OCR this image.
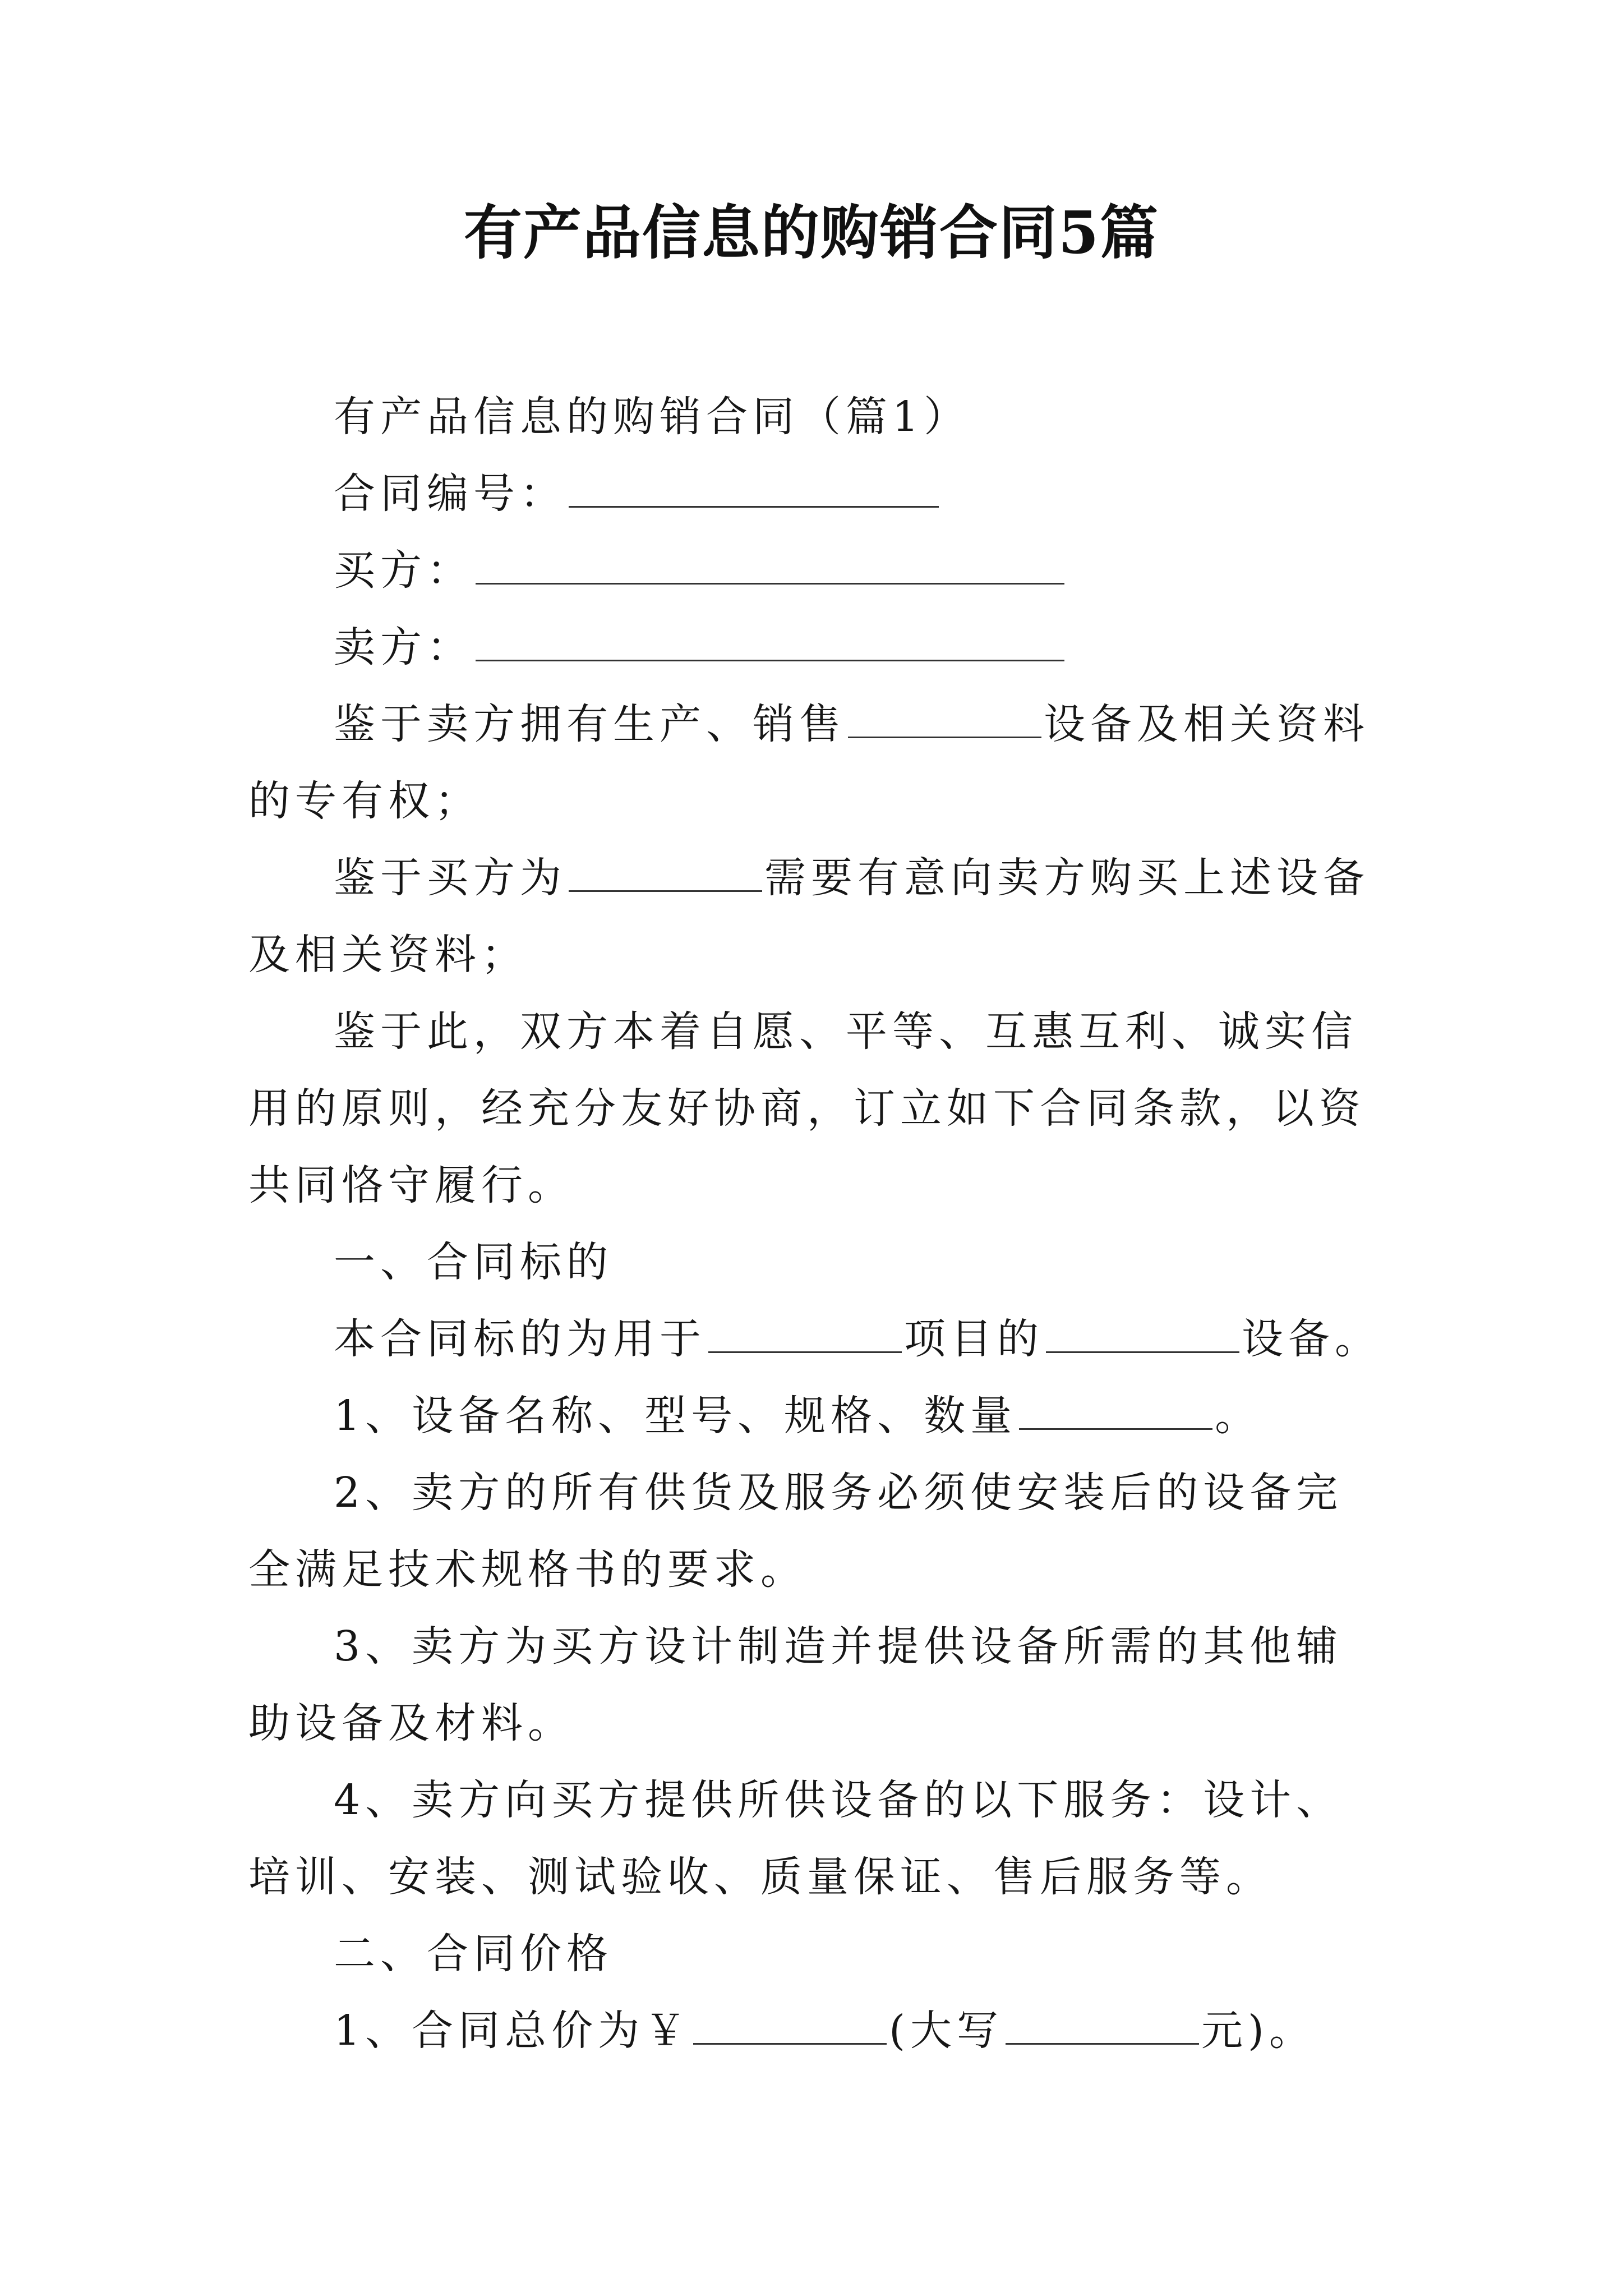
有产品信息的购销合同5篇

有产品信息的购销合同（篇1）

合同编号：

买方：

卖方：

鉴于卖方拥有生产、销售	设备及相关资料的专有权；

鉴于买方为	需要有意向卖方购买上述设备及相关资料；

鉴于此，双方本着自愿、平等、互惠互利、诚实信用的原则，经充分友好协商，订立如下合同条款，以资共同恪守履行。

一、合同标的

本合同标的为用于	项目的	设备。

1、设备名称、型号、规格、数量	。

2、卖方的所有供货及服务必须使安装后的设备完全满足技术规格书的要求。

3、卖方为买方设计制造并提供设备所需的其他辅助设备及材料。

4、卖方向买方提供所供设备的以下服务：设计、培训、安装、测试验收、质量保证、售后服务等。

二、合同价格

1、合同总价为￥	(大写	元)。
